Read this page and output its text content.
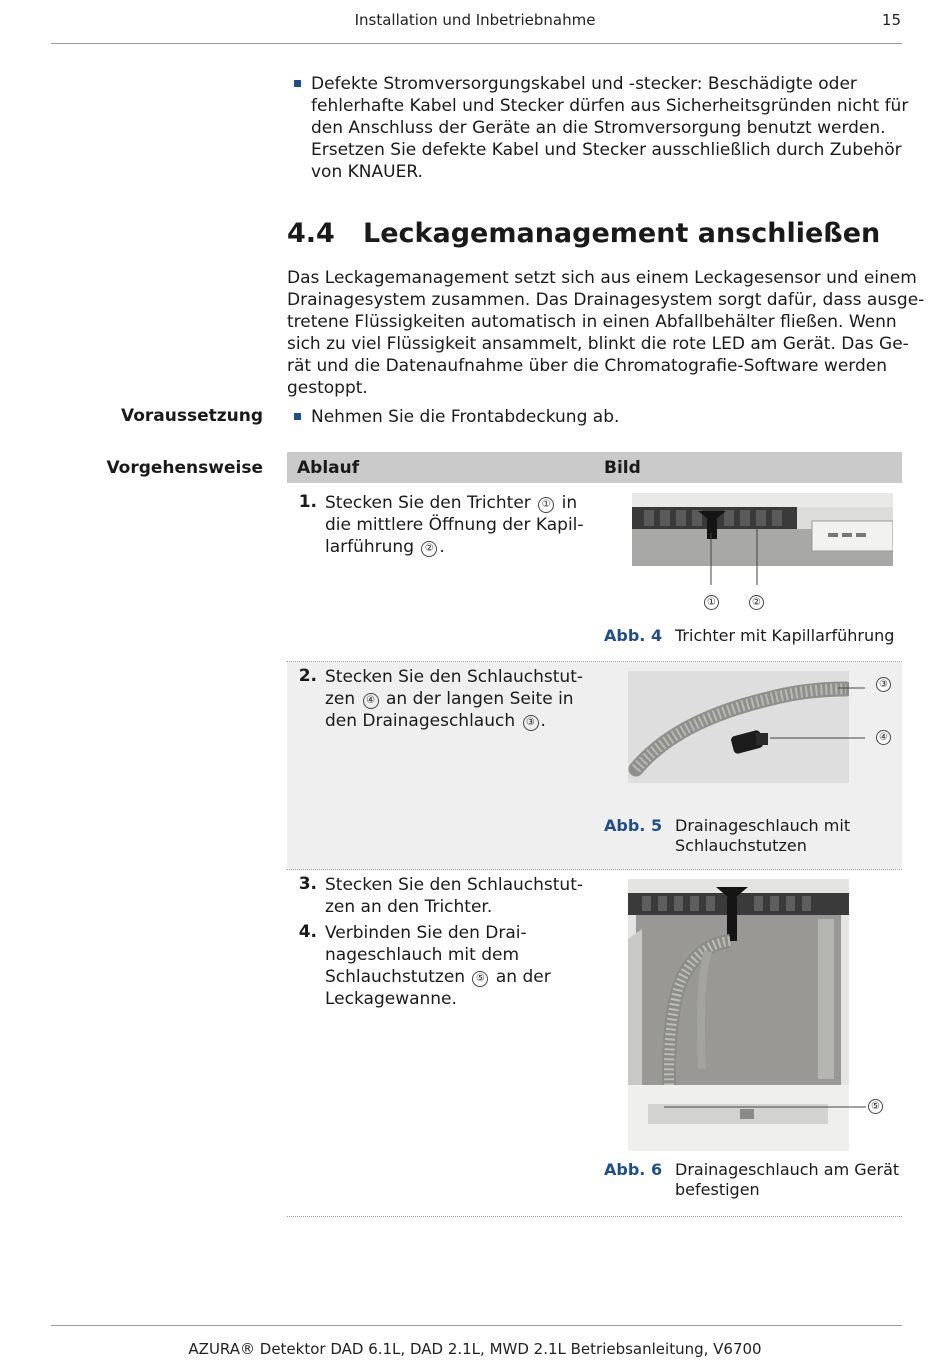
Installation und Inbetriebnahme	15
Defekte Stromversorgungskabel und -stecker: Beschädigte oder
fehlerhafte Kabel und Stecker dürfen aus Sicherheitsgründen nicht für
den Anschluss der Geräte an die Stromversorgung benutzt werden.
Ersetzen Sie defekte Kabel und Stecker ausschließlich durch Zubehör
von KNAUER.
4.4 Leckagemanagement anschließen
Das Leckagemanagement setzt sich aus einem Leckagesensor und einem
Drainagesystem zusammen. Das Drainagesystem sorgt dafür, dass ausge-
tretene Flüssigkeiten automatisch in einen Abfallbehälter fließen. Wenn
sich zu viel Flüssigkeit ansammelt, blinkt die rote LED am Gerät. Das Ge-
rät und die Datenaufnahme über die Chromatografie-Software werden
gestoppt.
Voraussetzung	Nehmen Sie die Frontabdeckung ab.
Vorgehensweise Ablauf	Bild
1. Stecken Sie den Trichter ① in
die mittlere Öffnung der Kapil-
larführung ② .
①	②
Abb. 4 Trichter mit Kapillarführung
2. Stecken Sie den Schlauchstut-
zen ④ an der langen Seite in
den Drainageschlauch ③ .
③
④
Abb. 5 Drainageschlauch mit
Schlauchstutzen
3. Stecken Sie den Schlauchstut-
zen an den Trichter.
4. Verbinden Sie den Drai-
nageschlauch mit dem
Schlauchstutzen ⑤ an der
Leckagewanne.
⑤
Abb. 6 Drainageschlauch am Gerät
befestigen
AZURA® Detektor DAD 6.1L, DAD 2.1L, MWD 2.1L Betriebsanleitung, V6700
